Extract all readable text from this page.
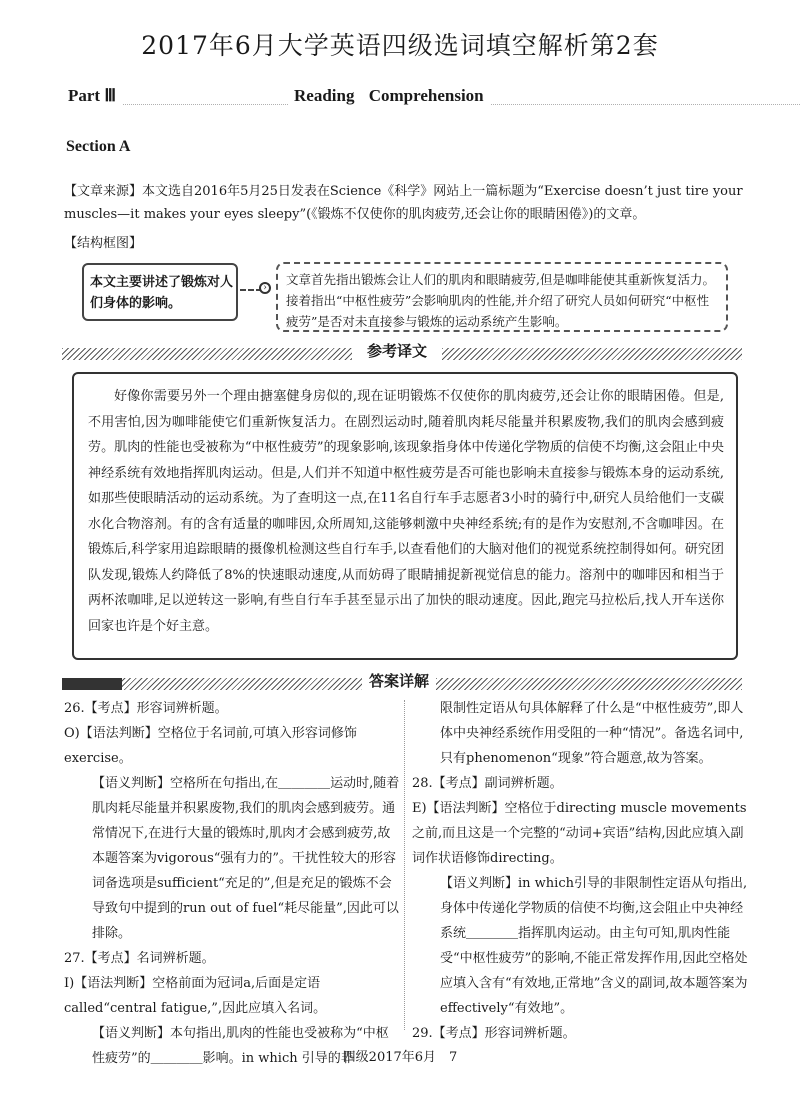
2017年6月大学英语四级选词填空解析第2套
Part Ⅲ	Reading Comprehension
Section A
【文章来源】本文选自2016年5月25日发表在Science《科学》网站上一篇标题为“Exercise doesn’t just tire your muscles—it makes your eyes sleepy”(《锻炼不仅使你的肌肉疲劳,还会让你的眼睛困倦》)的文章。
【结构框图】
本文主要讲述了锻炼对人们身体的影响。
›
文章首先指出锻炼会让人们的肌肉和眼睛疲劳,但是咖啡能使其重新恢复活力。接着指出“中枢性疲劳”会影响肌肉的性能,并介绍了研究人员如何研究“中枢性疲劳”是否对未直接参与锻炼的运动系统产生影响。
参考译文
好像你需要另外一个理由搪塞健身房似的,现在证明锻炼不仅使你的肌肉疲劳,还会让你的眼睛困倦。但是,不用害怕,因为咖啡能使它们重新恢复活力。在剧烈运动时,随着肌肉耗尽能量并积累废物,我们的肌肉会感到疲劳。肌肉的性能也受被称为“中枢性疲劳”的现象影响,该现象指身体中传递化学物质的信使不均衡,这会阻止中央神经系统有效地指挥肌肉运动。但是,人们并不知道中枢性疲劳是否可能也影响未直接参与锻炼本身的运动系统,如那些使眼睛活动的运动系统。为了查明这一点,在11名自行车手志愿者3小时的骑行中,研究人员给他们一支碳水化合物溶剂。有的含有适量的咖啡因,众所周知,这能够刺激中央神经系统;有的是作为安慰剂,不含咖啡因。在锻炼后,科学家用追踪眼睛的摄像机检测这些自行车手,以查看他们的大脑对他们的视觉系统控制得如何。研究团队发现,锻炼人约降低了8%的快速眼动速度,从而妨碍了眼睛捕捉新视觉信息的能力。溶剂中的咖啡因和相当于两杯浓咖啡,足以逆转这一影响,有些自行车手甚至显示出了加快的眼动速度。因此,跑完马拉松后,找人开车送你回家也许是个好主意。
答案详解

26.【考点】形容词辨析题。

O)【语法判断】空格位于名词前,可填入形容词修饰exercise。

【语义判断】空格所在句指出,在＿＿＿＿运动时,随着肌肉耗尽能量并积累废物,我们的肌肉会感到疲劳。通常情况下,在进行大量的锻炼时,肌肉才会感到疲劳,故本题答案为vigorous“强有力的”。干扰性较大的形容词备选项是sufficient“充足的”,但是充足的锻炼不会导致句中提到的run out of fuel“耗尽能量”,因此可以排除。

27.【考点】名词辨析题。

I)【语法判断】空格前面为冠词a,后面是定语called“central fatigue,”,因此应填入名词。

【语义判断】本句指出,肌肉的性能也受被称为“中枢性疲劳”的＿＿＿＿影响。in which 引导的非

限制性定语从句具体解释了什么是“中枢性疲劳”,即人体中央神经系统作用受阻的一种“情况”。备选名词中,只有phenomenon“现象”符合题意,故为答案。

28.【考点】副词辨析题。

E)【语法判断】空格位于directing muscle movements之前,而且这是一个完整的“动词+宾语”结构,因此应填入副词作状语修饰directing。

【语义判断】in which引导的非限制性定语从句指出,身体中传递化学物质的信使不均衡,这会阻止中央神经系统＿＿＿＿指挥肌肉运动。由主句可知,肌肉性能受“中枢性疲劳”的影响,不能正常发挥作用,因此空格处应填入含有“有效地,正常地”含义的副词,故本题答案为effectively“有效地”。

29.【考点】形容词辨析题。

四级2017年6月　7
